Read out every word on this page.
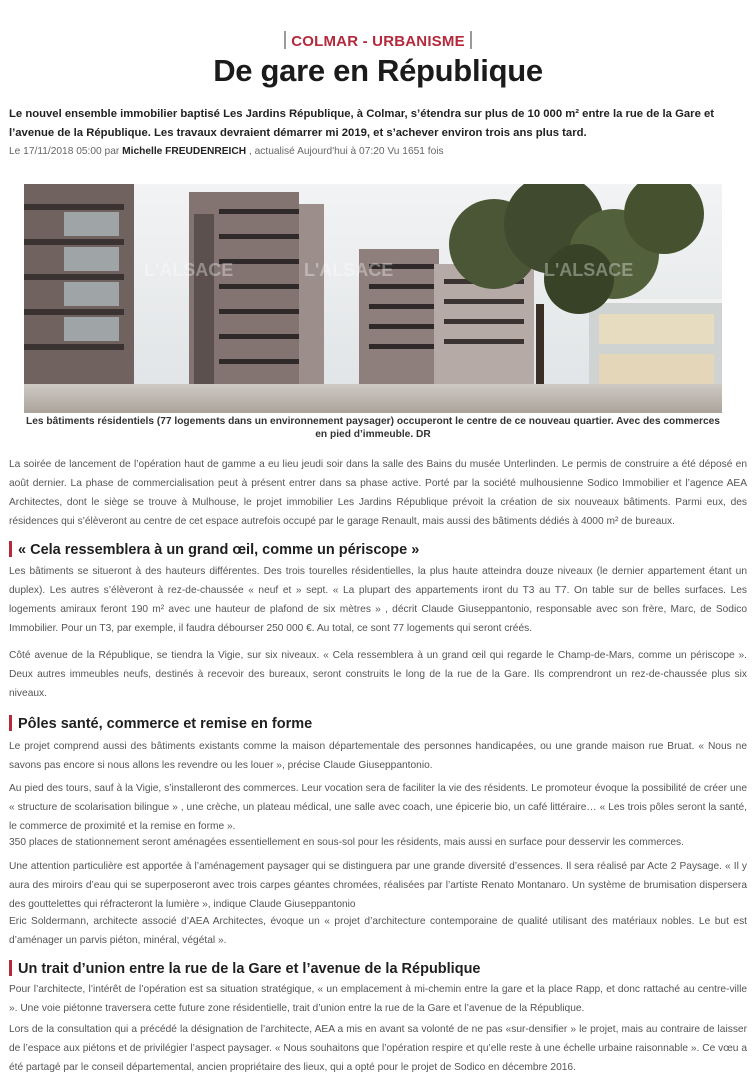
COLMAR - URBANISME
De gare en République
Le nouvel ensemble immobilier baptisé Les Jardins République, à Colmar, s’étendra sur plus de 10 000 m² entre la rue de la Gare et l’avenue de la République. Les travaux devraient démarrer mi 2019, et s’achever environ trois ans plus tard.
Le 17/11/2018 05:00 par Michelle FREUDENREICH , actualisé Aujourd'hui à 07:20 Vu 1651 fois
L'ALSACE	L'ALSACE	L'ALSACE
Les bâtiments résidentiels (77 logements dans un environnement paysager) occuperont le centre de ce nouveau quartier. Avec des commerces en pied d’immeuble. DR
La soirée de lancement de l’opération haut de gamme a eu lieu jeudi soir dans la salle des Bains du musée Unterlinden. Le permis de construire a été déposé en août dernier. La phase de commercialisation peut à présent entrer dans sa phase active. Porté par la société mulhousienne Sodico Immobilier et l’agence AEA Architectes, dont le siège se trouve à Mulhouse, le projet immobilier Les Jardins République prévoit la création de six nouveaux bâtiments. Parmi eux, des résidences qui s’élèveront au centre de cet espace autrefois occupé par le garage Renault, mais aussi des bâtiments dédiés à 4000 m² de bureaux.
« Cela ressemblera à un grand œil, comme un périscope »
Les bâtiments se situeront à des hauteurs différentes. Des trois tourelles résidentielles, la plus haute atteindra douze niveaux (le dernier appartement étant un duplex). Les autres s’élèveront à rez-de-chaussée « neuf et » sept. « La plupart des appartements iront du T3 au T7. On table sur de belles surfaces. Les logements amiraux feront 190 m² avec une hauteur de plafond de six mètres » , décrit Claude Giuseppantonio, responsable avec son frère, Marc, de Sodico Immobilier. Pour un T3, par exemple, il faudra débourser 250 000 €. Au total, ce sont 77 logements qui seront créés.
Côté avenue de la République, se tiendra la Vigie, sur six niveaux. « Cela ressemblera à un grand œil qui regarde le Champ-de-Mars, comme un périscope ». Deux autres immeubles neufs, destinés à recevoir des bureaux, seront construits le long de la rue de la Gare. Ils comprendront un rez-de-chaussée plus six niveaux.
Pôles santé, commerce et remise en forme
Le projet comprend aussi des bâtiments existants comme la maison départementale des personnes handicapées, ou une grande maison rue Bruat. « Nous ne savons pas encore si nous allons les revendre ou les louer », précise Claude Giuseppantonio.
Au pied des tours, sauf à la Vigie, s’installeront des commerces. Leur vocation sera de faciliter la vie des résidents. Le promoteur évoque la possibilité de créer une « structure de scolarisation bilingue » , une crèche, un plateau médical, une salle avec coach, une épicerie bio, un café littéraire… « Les trois pôles seront la santé, le commerce de proximité et la remise en forme ».
350 places de stationnement seront aménagées essentiellement en sous-sol pour les résidents, mais aussi en surface pour desservir les commerces.
Une attention particulière est apportée à l’aménagement paysager qui se distinguera par une grande diversité d’essences. Il sera réalisé par Acte 2 Paysage. « Il y aura des miroirs d’eau qui se superposeront avec trois carpes géantes chromées, réalisées par l’artiste Renato Montanaro. Un système de brumisation dispersera des gouttelettes qui réfracteront la lumière », indique Claude Giuseppantonio
Eric Soldermann, architecte associé d’AEA Architectes, évoque un « projet d’architecture contemporaine de qualité utilisant des matériaux nobles. Le but est d’aménager un parvis piéton, minéral, végétal ».
Un trait d’union entre la rue de la Gare et l’avenue de la République
Pour l’architecte, l’intérêt de l’opération est sa situation stratégique, « un emplacement à mi-chemin entre la gare et la place Rapp, et donc rattaché au centre-ville ». Une voie piétonne traversera cette future zone résidentielle, trait d’union entre la rue de la Gare et l’avenue de la République.
Lors de la consultation qui a précédé la désignation de l’architecte, AEA a mis en avant sa volonté de ne pas «sur-densifier » le projet, mais au contraire de laisser de l’espace aux piétons et de privilégier l’aspect paysager. « Nous souhaitons que l’opération respire et qu’elle reste à une échelle urbaine raisonnable ». Ce vœu a été partagé par le conseil départemental, ancien propriétaire des lieux, qui a opté pour le projet de Sodico en décembre 2016.
